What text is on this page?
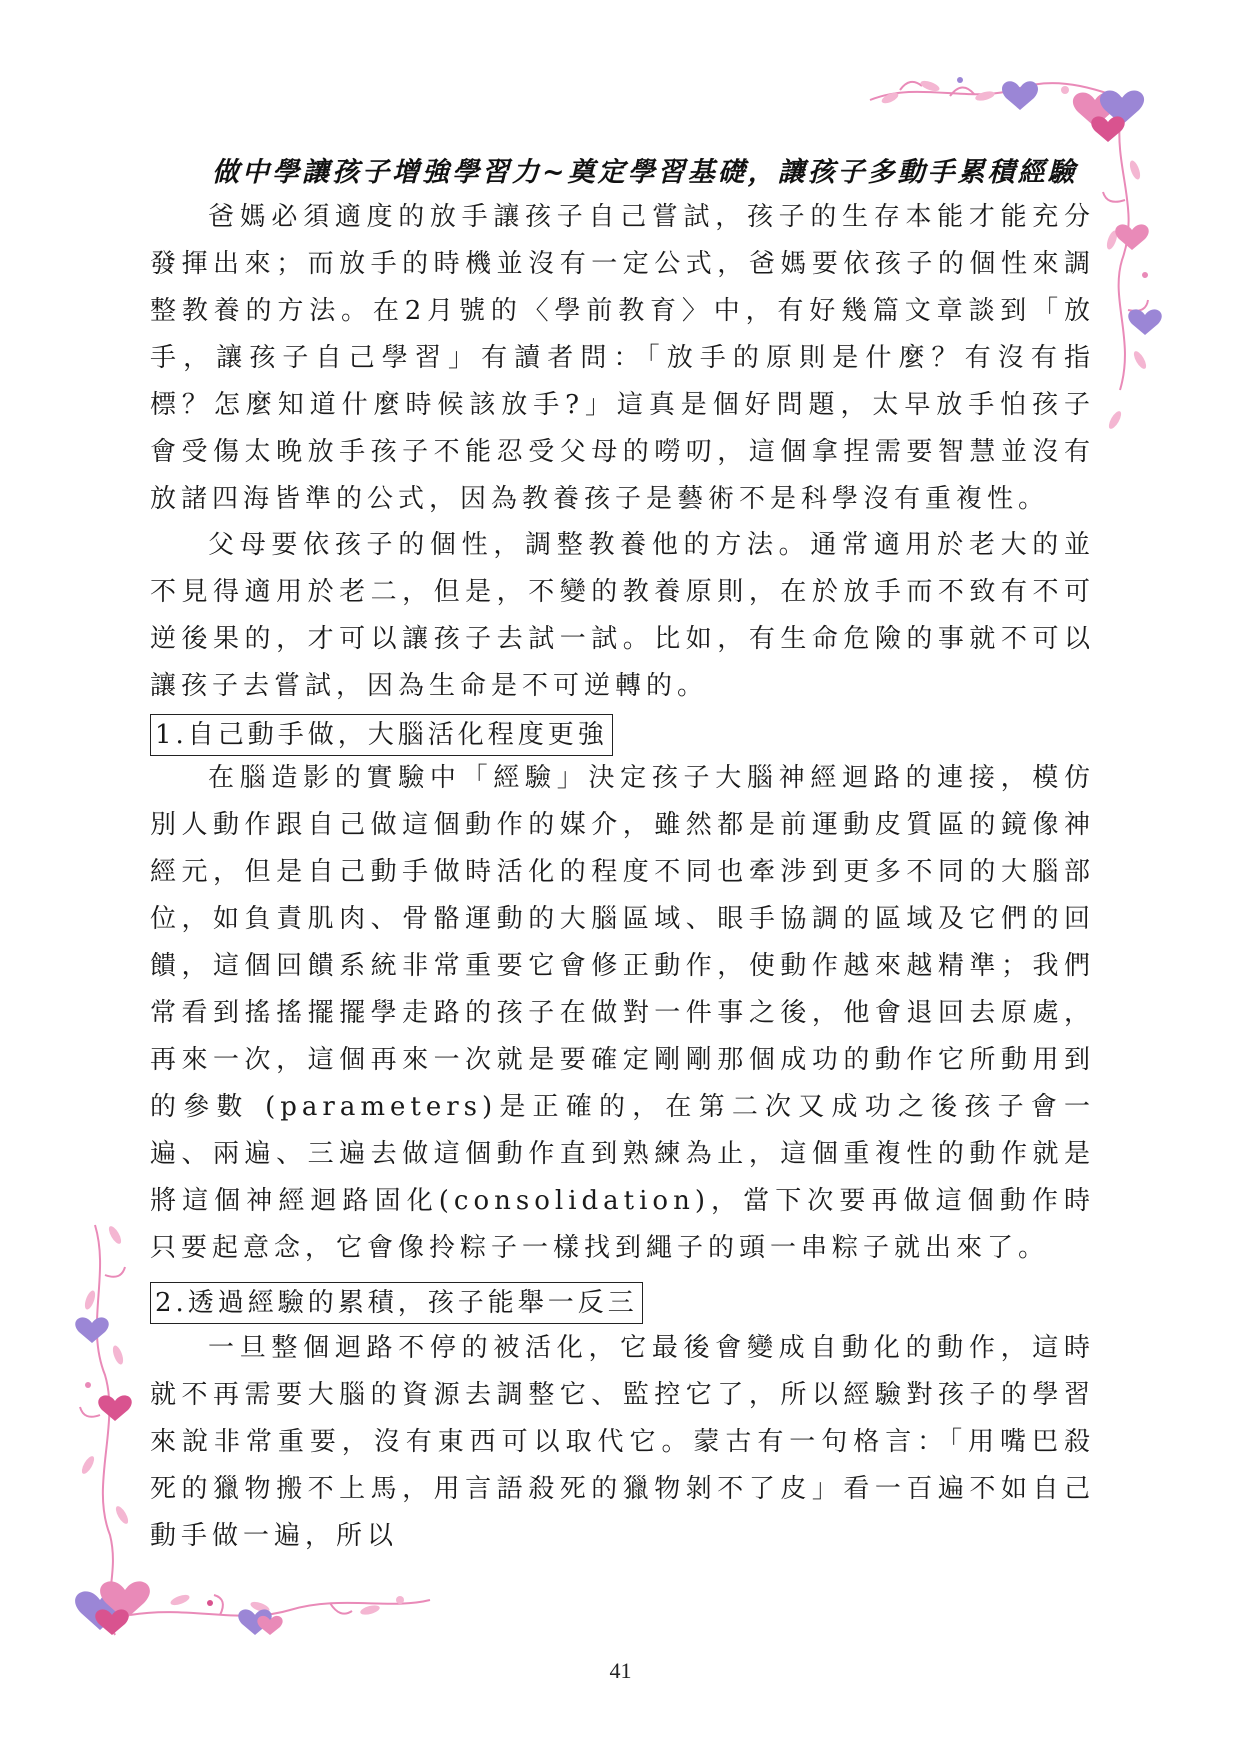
做中學讓孩子增強學習力~奠定學習基礎，讓孩子多動手累積經驗

爸媽必須適度的放手讓孩子自己嘗試，孩子的生存本能才能充分發揮出來；而放手的時機並沒有一定公式，爸媽要依孩子的個性來調整教養的方法。在2月號的〈學前教育〉中，有好幾篇文章談到「放手，讓孩子自己學習」有讀者問：「放手的原則是什麼？有沒有指標？怎麼知道什麼時候該放手?」這真是個好問題，太早放手怕孩子會受傷太晚放手孩子不能忍受父母的嘮叨，這個拿捏需要智慧並沒有放諸四海皆準的公式，因為教養孩子是藝術不是科學沒有重複性。

父母要依孩子的個性，調整教養他的方法。通常適用於老大的並不見得適用於老二，但是，不變的教養原則，在於放手而不致有不可逆後果的，才可以讓孩子去試一試。比如，有生命危險的事就不可以讓孩子去嘗試，因為生命是不可逆轉的。

1.自己動手做，大腦活化程度更強

在腦造影的實驗中「經驗」決定孩子大腦神經迴路的連接，模仿別人動作跟自己做這個動作的媒介，雖然都是前運動皮質區的鏡像神經元，但是自己動手做時活化的程度不同也牽涉到更多不同的大腦部位，如負責肌肉、骨骼運動的大腦區域、眼手協調的區域及它們的回饋，這個回饋系統非常重要它會修正動作，使動作越來越精準；我們常看到搖搖擺擺學走路的孩子在做對一件事之後，他會退回去原處，再來一次，這個再來一次就是要確定剛剛那個成功的動作它所動用到的參數 (parameters)是正確的，在第二次又成功之後孩子會一遍、兩遍、三遍去做這個動作直到熟練為止，這個重複性的動作就是將這個神經迴路固化(consolidation)，當下次要再做這個動作時只要起意念，它會像拎粽子一樣找到繩子的頭一串粽子就出來了。

2.透過經驗的累積，孩子能舉一反三

一旦整個迴路不停的被活化，它最後會變成自動化的動作，這時就不再需要大腦的資源去調整它、監控它了，所以經驗對孩子的學習來說非常重要，沒有東西可以取代它。蒙古有一句格言：「用嘴巴殺死的獵物搬不上馬，用言語殺死的獵物剝不了皮」看一百遍不如自己動手做一遍，所以

41
